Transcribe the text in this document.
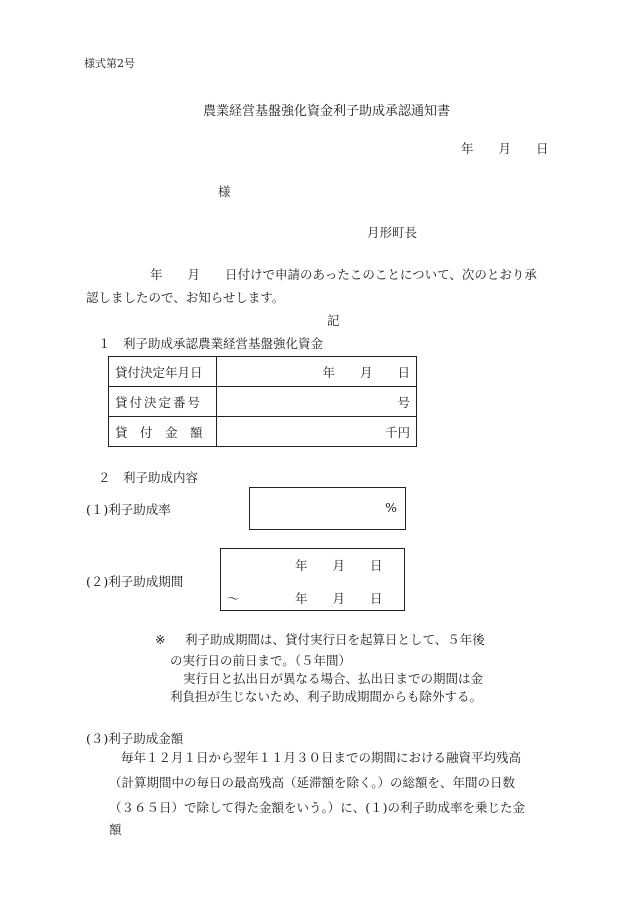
様式第2号
農業経営基盤強化資金利子助成承認通知書
年　　月　　日
様
月形町長
年　　月　　日付けで申請のあったこのことについて、次のとおり承
認しましたので、お知らせします。
記
１　利子助成承認農業経営基盤強化資金
貸付決定年月日	年　　月　　日
貸付決定番号	号
貸　付　金　額	千円
２　利子助成内容
(１)利子助成率	%
(２)利子助成期間
年　　月　　日
～	年　　月　　日
※ 利子助成期間は、貸付実行日を起算日として、５年後
の実行日の前日まで。（５年間）
実行日と払出日が異なる場合、払出日までの期間は金
利負担が生じないため、利子助成期間からも除外する。
(３)利子助成金額
毎年１２月１日から翌年１１月３０日までの期間における融資平均残高
（計算期間中の毎日の最高残高（延滞額を除く。）の総額を、年間の日数
（３６５日）で除して得た金額をいう。）に、(１)の利子助成率を乗じた金
額
